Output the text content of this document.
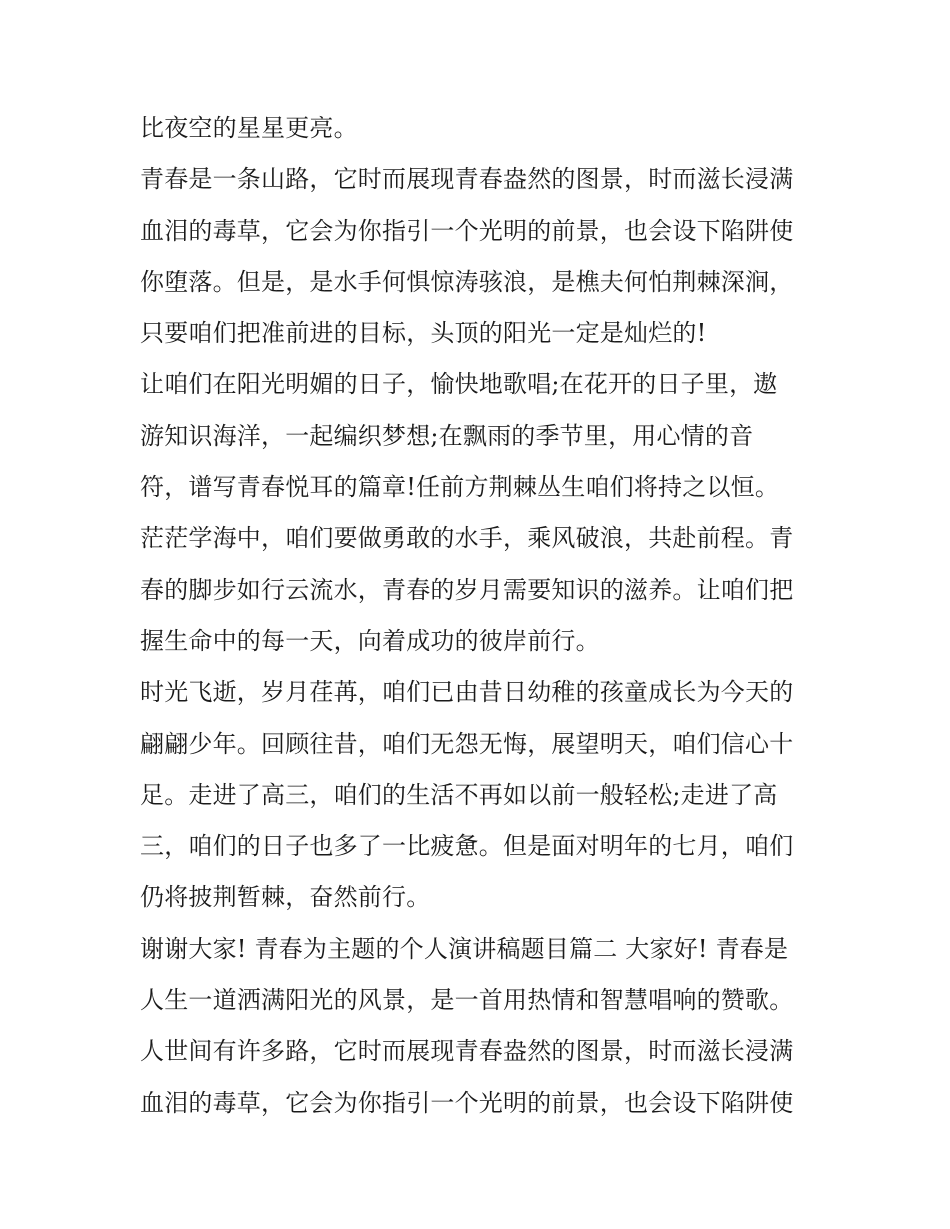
比夜空的星星更亮。
青春是一条山路，它时而展现青春盎然的图景，时而滋长浸满
血泪的毒草，它会为你指引一个光明的前景，也会设下陷阱使
你堕落。但是，是水手何惧惊涛骇浪，是樵夫何怕荆棘深涧，
只要咱们把准前进的目标，头顶的阳光一定是灿烂的!
让咱们在阳光明媚的日子，愉快地歌唱;在花开的日子里，遨
游知识海洋，一起编织梦想;在飘雨的季节里，用心情的音
符，谱写青春悦耳的篇章!任前方荆棘丛生咱们将持之以恒。
茫茫学海中，咱们要做勇敢的水手，乘风破浪，共赴前程。青
春的脚步如行云流水，青春的岁月需要知识的滋养。让咱们把
握生命中的每一天，向着成功的彼岸前行。
时光飞逝，岁月荏苒，咱们已由昔日幼稚的孩童成长为今天的
翩翩少年。回顾往昔，咱们无怨无悔，展望明天，咱们信心十
足。走进了高三，咱们的生活不再如以前一般轻松;走进了高
三，咱们的日子也多了一比疲惫。但是面对明年的七月，咱们
仍将披荆暂棘，奋然前行。
谢谢大家! 青春为主题的个人演讲稿题目篇二 大家好! 青春是
人生一道洒满阳光的风景，是一首用热情和智慧唱响的赞歌。
人世间有许多路，它时而展现青春盎然的图景，时而滋长浸满
血泪的毒草，它会为你指引一个光明的前景，也会设下陷阱使
